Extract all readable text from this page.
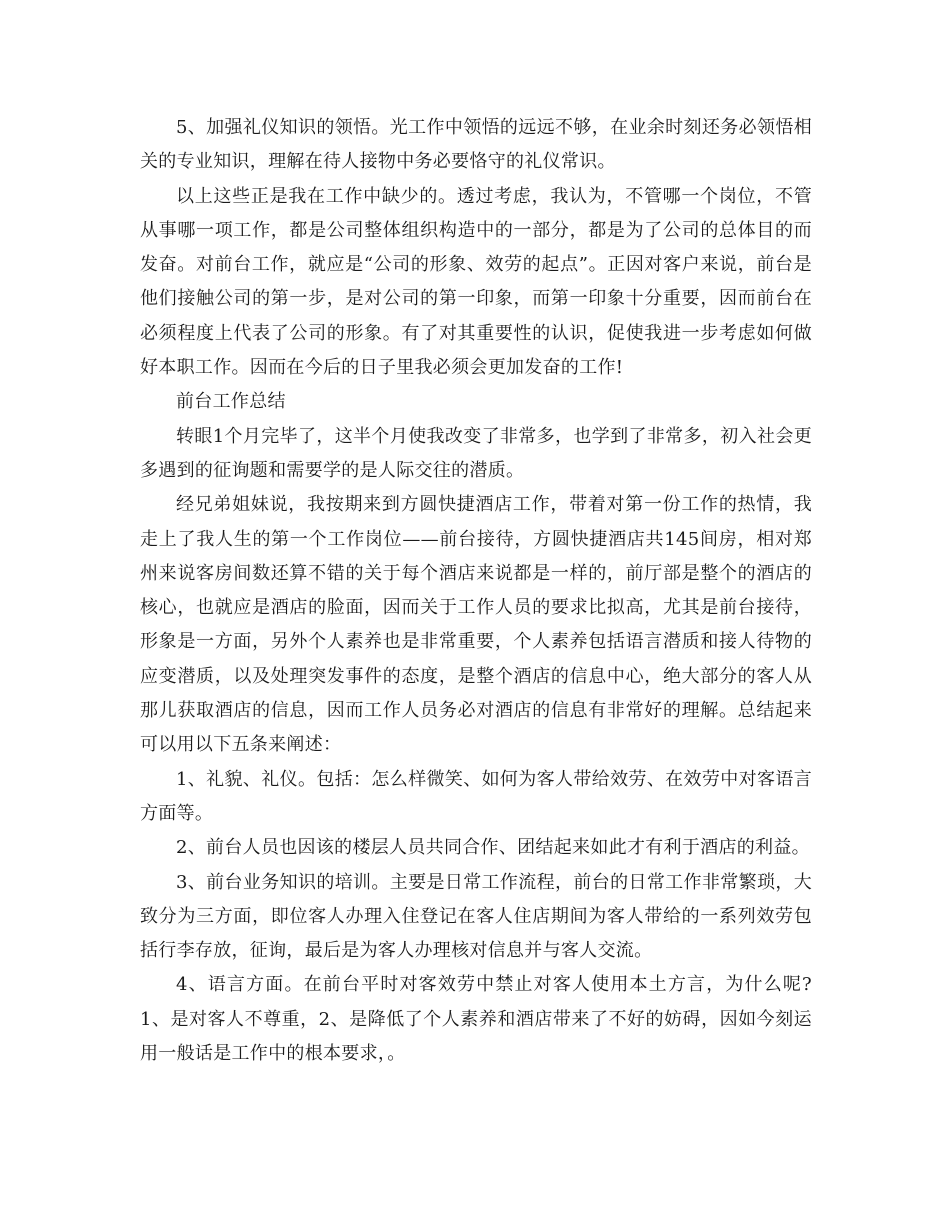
5、加强礼仪知识的领悟。光工作中领悟的远远不够，在业余时刻还务必领悟相关的专业知识，理解在待人接物中务必要恪守的礼仪常识。

以上这些正是我在工作中缺少的。透过考虑，我认为，不管哪一个岗位，不管从事哪一项工作，都是公司整体组织构造中的一部分，都是为了公司的总体目的而发奋。对前台工作，就应是“公司的形象、效劳的起点”。正因对客户来说，前台是他们接触公司的第一步，是对公司的第一印象，而第一印象十分重要，因而前台在必须程度上代表了公司的形象。有了对其重要性的认识，促使我进一步考虑如何做好本职工作。因而在今后的日子里我必须会更加发奋的工作!

前台工作总结

转眼1个月完毕了，这半个月使我改变了非常多，也学到了非常多，初入社会更多遇到的征询题和需要学的是人际交往的潜质。

经兄弟姐妹说，我按期来到方圆快捷酒店工作，带着对第一份工作的热情，我走上了我人生的第一个工作岗位——前台接待，方圆快捷酒店共145间房，相对郑州来说客房间数还算不错的关于每个酒店来说都是一样的，前厅部是整个的酒店的核心，也就应是酒店的脸面，因而关于工作人员的要求比拟高，尤其是前台接待，形象是一方面，另外个人素养也是非常重要，个人素养包括语言潜质和接人待物的应变潜质，以及处理突发事件的态度，是整个酒店的信息中心，绝大部分的客人从那儿获取酒店的信息，因而工作人员务必对酒店的信息有非常好的理解。总结起来可以用以下五条来阐述：

1、礼貌、礼仪。包括：怎么样微笑、如何为客人带给效劳、在效劳中对客语言方面等。

2、前台人员也因该的楼层人员共同合作、团结起来如此才有利于酒店的利益。

3、前台业务知识的培训。主要是日常工作流程，前台的日常工作非常繁琐，大致分为三方面，即位客人办理入住登记在客人住店期间为客人带给的一系列效劳包括行李存放，征询，最后是为客人办理核对信息并与客人交流。

4、语言方面。在前台平时对客效劳中禁止对客人使用本土方言，为什么呢?1、是对客人不尊重，2、是降低了个人素养和酒店带来了不好的妨碍，因如今刻运用一般话是工作中的根本要求，。
